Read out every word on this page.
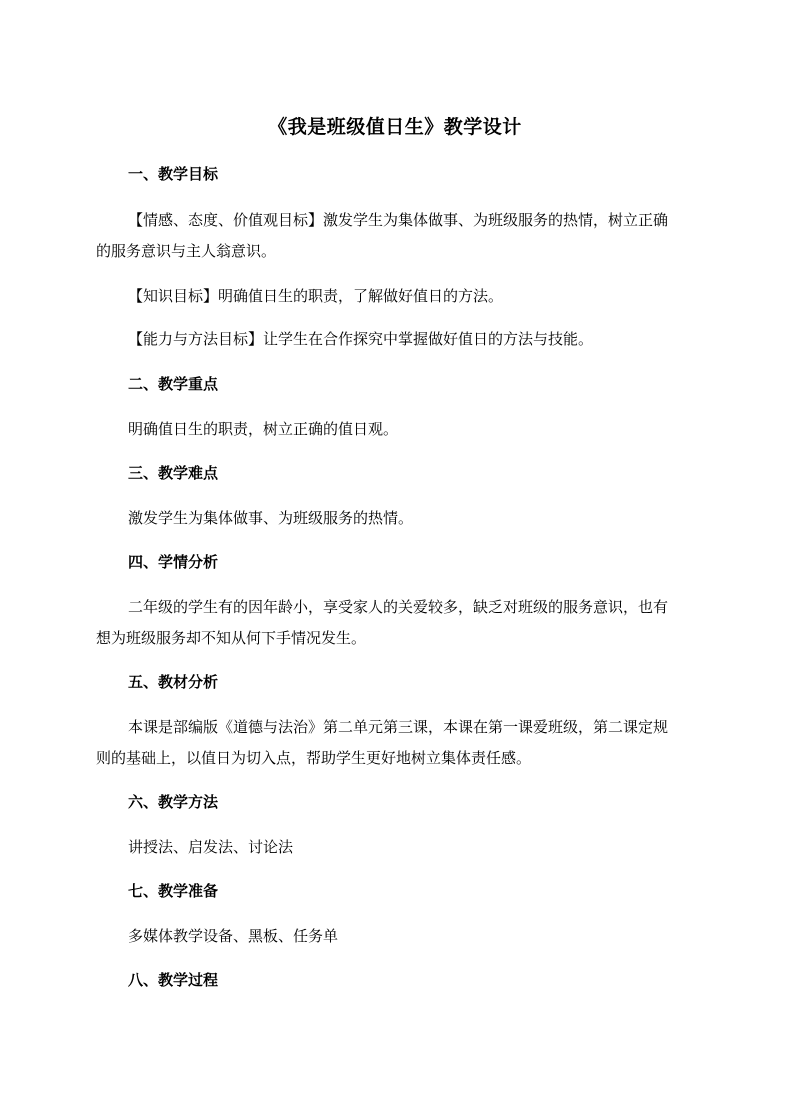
《我是班级值日生》教学设计
一、教学目标
【情感、态度、价值观目标】激发学生为集体做事、为班级服务的热情，树立正确
的服务意识与主人翁意识。
【知识目标】明确值日生的职责，了解做好值日的方法。
【能力与方法目标】让学生在合作探究中掌握做好值日的方法与技能。
二、教学重点
明确值日生的职责，树立正确的值日观。
三、教学难点
激发学生为集体做事、为班级服务的热情。
四、学情分析
二年级的学生有的因年龄小，享受家人的关爱较多，缺乏对班级的服务意识，也有
想为班级服务却不知从何下手情况发生。
五、教材分析
本课是部编版《道德与法治》第二单元第三课，本课在第一课爱班级，第二课定规
则的基础上，以值日为切入点，帮助学生更好地树立集体责任感。
六、教学方法
讲授法、启发法、讨论法
七、教学准备
多媒体教学设备、黑板、任务单
八、教学过程
